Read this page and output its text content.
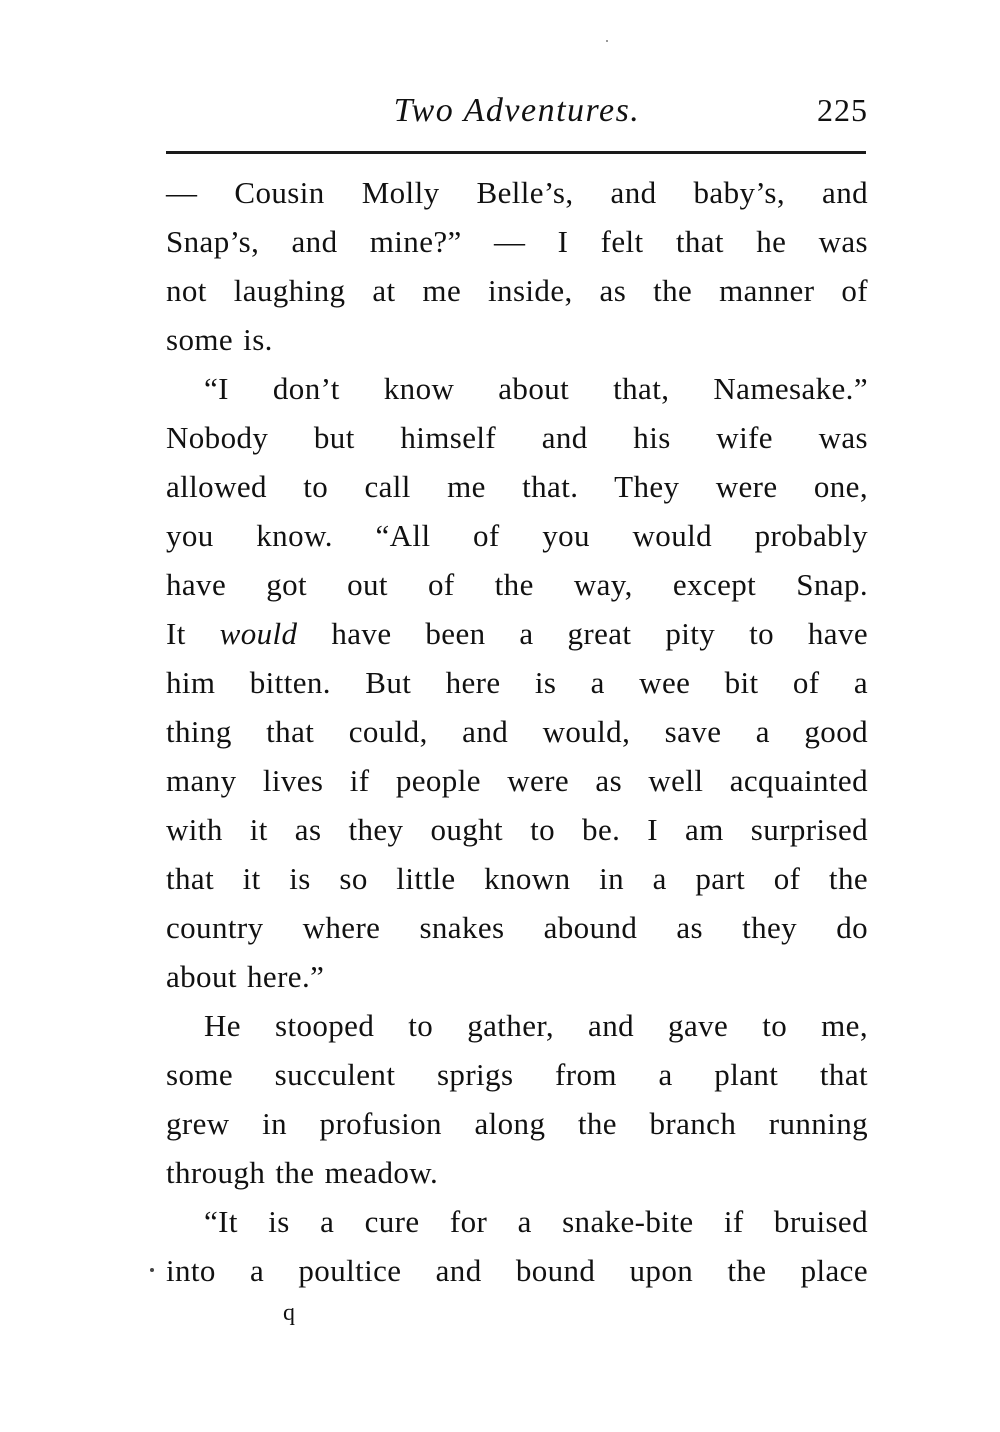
Two Adventures.	225
— Cousin Molly Belle’s, and baby’s, and
Snap’s, and mine?” — I felt that he was
not laughing at me inside, as the manner of
some is.
“I don’t know about that, Namesake.”
Nobody but himself and his wife was
allowed to call me that. They were one,
you know. “All of you would probably
have got out of the way, except Snap.
It would have been a great pity to have
him bitten. But here is a wee bit of a
thing that could, and would, save a good
many lives if people were as well acquainted
with it as they ought to be. I am surprised
that it is so little known in a part of the
country where snakes abound as they do
about here.”
He stooped to gather, and gave to me,
some succulent sprigs from a plant that
grew in profusion along the branch running
through the meadow.
“It is a cure for a snake-bite if bruised
into a poultice and bound upon the place
q
